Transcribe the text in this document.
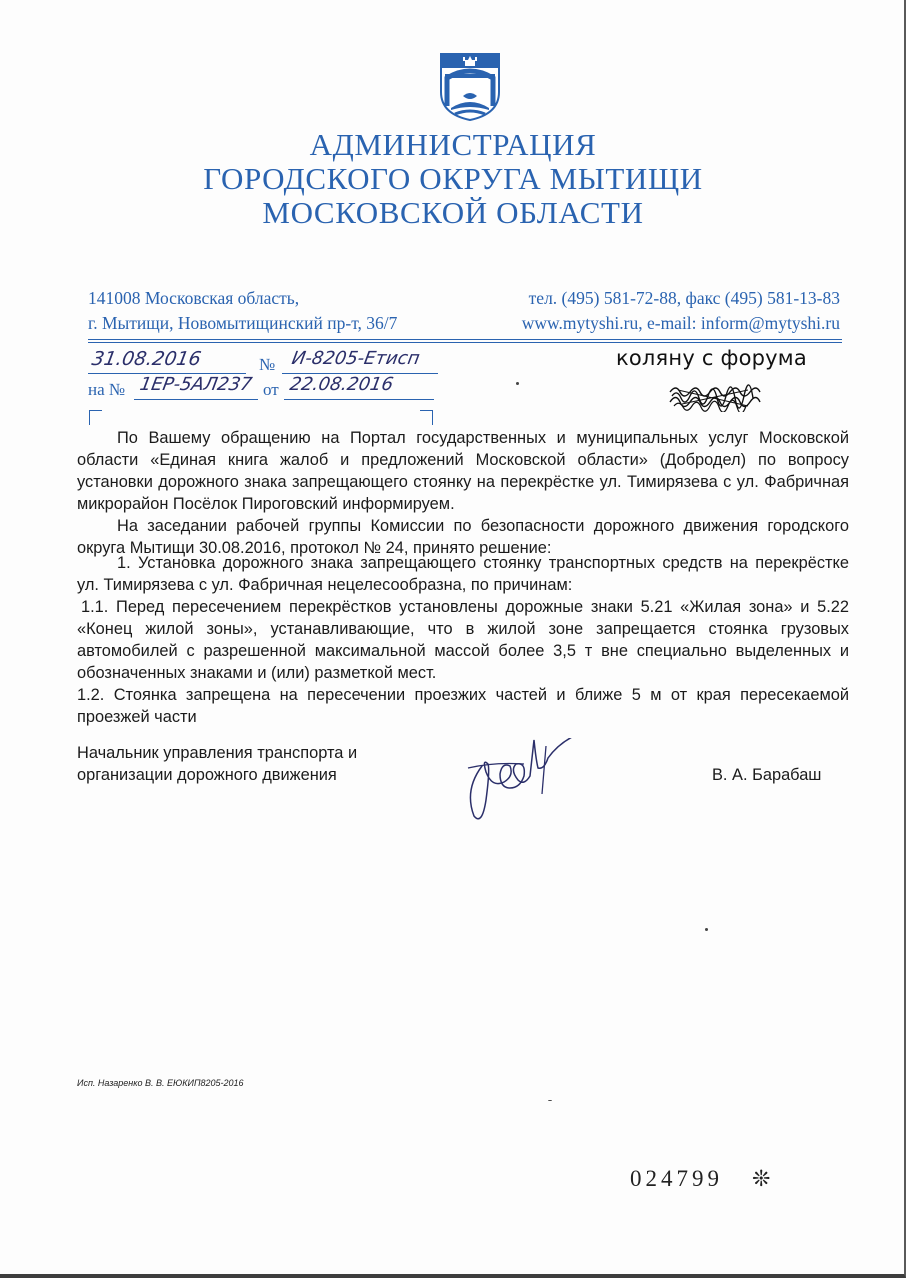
АДМИНИСТРАЦИЯ
ГОРОДСКОГО ОКРУГА МЫТИЩИ
МОСКОВСКОЙ ОБЛАСТИ
141008 Московская область,
г. Мытищи, Новомытищинский пр-т, 36/7
тел. (495) 581-72-88, факс (495) 581-13-83
www.mytyshi.ru, e-mail: inform@mytyshi.ru
31.08.2016	№ И-8205-Етисп
на № 1ЕР-5АЛ237 от 22.08.2016
коляну с форума

По Вашему обращению на Портал государственных и муниципальных услуг Московской области «Единая книга жалоб и предложений Московской области» (Добродел) по вопросу установки дорожного знака запрещающего стоянку на перекрёстке ул. Тимирязева с ул. Фабричная микрорайон Посёлок Пироговский информируем.

На заседании рабочей группы Комиссии по безопасности дорожного движения городского округа Мытищи 30.08.2016, протокол № 24, принято решение:

1. Установка дорожного знака запрещающего стоянку транспортных средств на перекрёстке ул. Тимирязева с ул. Фабричная нецелесообразна, по причинам:

1.1. Перед пересечением перекрёстков установлены дорожные знаки 5.21 «Жилая зона» и 5.22 «Конец жилой зоны», устанавливающие, что в жилой зоне запрещается стоянка грузовых автомобилей с разрешенной максимальной массой более 3,5 т вне специально выделенных и обозначенных знаками и (или) разметкой мест.

1.2. Стоянка запрещена на пересечении проезжих частей и ближе 5 м от края пересекаемой проезжей части

Начальник управления транспорта и
организации дорожного движения	В. А. Барабаш
Исп. Назаренко В. В. ЕЮКИП8205-2016
024799 ❊
